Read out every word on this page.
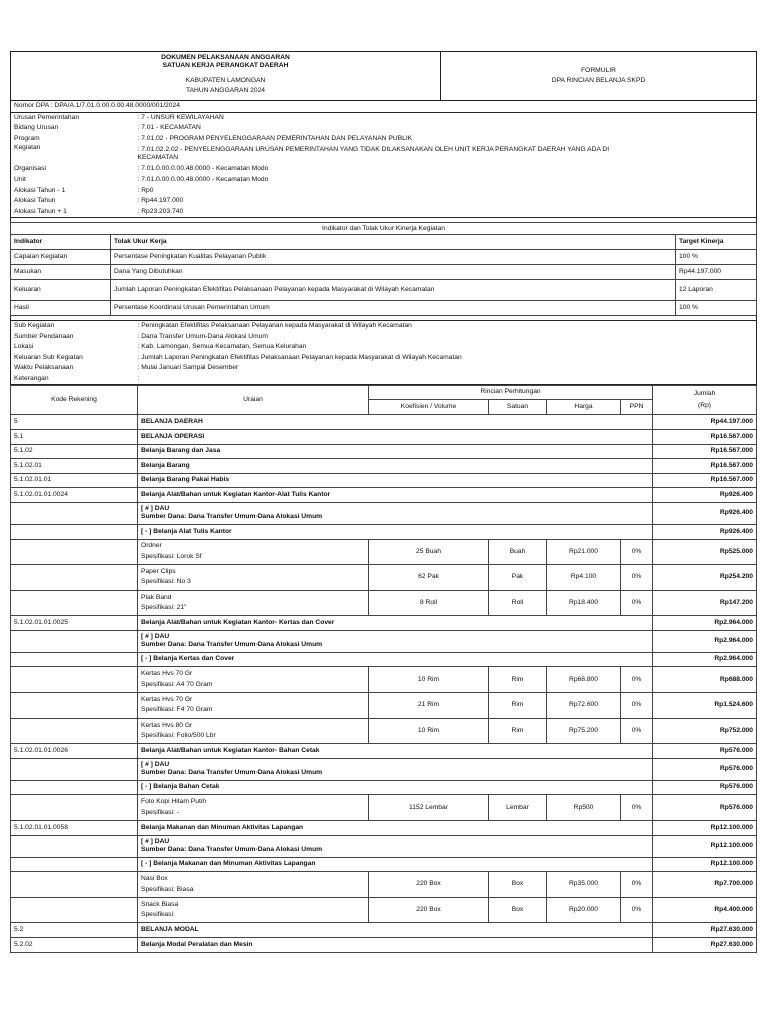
DOKUMEN PELAKSANAAN ANGGARAN
SATUAN KERJA PERANGKAT DAERAH
KABUPATEN LAMONGAN
TAHUN ANGGARAN 2024

FORMULIR
DPA RINCIAN BELANJA SKPD
Nomor DPA : DPA/A.1/7.01.0.00.0.00.48.0000/001/2024	
Urusan Pemerintahan	: 7 - UNSUR KEWILAYAHAN
Bidang Urusan	: 7.01 - KECAMATAN
Program	: 7.01.02 - PROGRAM PENYELENGGARAAN PEMERINTAHAN DAN PELAYANAN PUBLIK
Kegiatan	: 7.01.02.2.02 - PENYELENGGARAAN URUSAN PEMERINTAHAN YANG TIDAK DILAKSANAKAN OLEH UNIT KERJA PERANGKAT DAERAH YANG ADA DI KECAMATAN
Organisasi	: 7.01.0.00.0.00.48.0000 - Kecamatan Modo
Unit	: 7.01.0.00.0.00.48.0000 - Kecamatan Modo
Alokasi Tahun - 1	: Rp0
Alokasi Tahun	: Rp44.197.000
Alokasi Tahun + 1	: Rp23.203.740
Indikator dan Tolak Ukur Kinerja Kegiatan		
Indikator	Tolak Ukur Kerja	Target Kinerja
Capaian Kegiatan	Persentase Peningkatan Kualitas Pelayanan Publik	100 %
Masukan	Dana Yang Dibutuhkan	Rp44.197.000
Keluaran	Jumlah Laporan Peningkatan Efektifitas Pelaksanaan Pelayanan kepada Masyarakat di Wilayah Kecamatan	12 Laporan
Hasil	Persentase Koordinasi Urusan Pemerintahan Umum	100 %
Sub Kegiatan	: Peningkatan Efektifitas Pelaksanaan Pelayanan kepada Masyarakat di Wilayah Kecamatan
Sumber Pendanaan	: Dana Transfer Umum-Dana Alokasi Umum
Lokasi	: Kab. Lamongan, Semua Kecamatan, Semua Kelurahan
Keluaran Sub Kegiatan	: Jumlah Laporan Peningkatan Efektifitas Pelaksanaan Pelayanan kepada Masyarakat di Wilayah Kecamatan
Waktu Pelaksanaan	: Mulai Januari Sampai Desember
Keterangan	:
Kode Rekening	Uraian	Rincian Perhitungan				Jumlah
(Rp)

		Koefisien / Volume	Satuan	Harga	PPN	
5	BELANJA DAERAH					Rp44.197.000
5.1	BELANJA OPERASI					Rp16.567.000
5.1.02	Belanja Barang dan Jasa					Rp16.567.000
5.1.02.01	Belanja Barang					Rp16.567.000
5.1.02.01.01	Belanja Barang Pakai Habis					Rp16.567.000
5.1.02.01.01.0024	Belanja Alat/Bahan untuk Kegiatan Kantor-Alat Tulis Kantor					Rp926.400

	[ # ] DAU
Sumber Dana: Dana Transfer Umum-Dana Alokasi Umum					Rp926.400
	[ - ] Belanja Alat Tulis Kantor					Rp926.400

	Ordner
Spesifikasi: Lorok Sf	25 Buah	Buah	Rp21.000	0%	Rp525.000

	Paper Clips
Spesifikasi: No 3	62 Pak	Pak	Rp4.100	0%	Rp254.200

	Plak Band
Spesifikasi: 21"	8 Roll	Roll	Rp18.400	0%	Rp147.200
5.1.02.01.01.0025	Belanja Alat/Bahan untuk Kegiatan Kantor- Kertas dan Cover					Rp2.964.000

	[ # ] DAU
Sumber Dana: Dana Transfer Umum-Dana Alokasi Umum					Rp2.964.000
	[ - ] Belanja Kertas dan Cover					Rp2.964.000

	Kertas Hvs 70 Gr
Spesifikasi: A4 70 Gram	10 Rim	Rim	Rp68.800	0%	Rp688.000

	Kertas Hvs 70 Gr
Spesifikasi: F4 70 Gram	21 Rim	Rim	Rp72.600	0%	Rp1.524.600

	Kertas Hvs 80 Gr
Spesifikasi: Folio/500 Lbr	10 Rim	Rim	Rp75.200	0%	Rp752.000
5.1.02.01.01.0026	Belanja Alat/Bahan untuk Kegiatan Kantor- Bahan Cetak					Rp576.000

	[ # ] DAU
Sumber Dana: Dana Transfer Umum-Dana Alokasi Umum					Rp576.000
	[ - ] Belanja Bahan Cetak					Rp576.000

	Foto Kopi Hitam Putih
Spesifikasi: -	1152 Lembar	Lembar	Rp500	0%	Rp576.000
5.1.02.01.01.0058	Belanja Makanan dan Minuman Aktivitas Lapangan					Rp12.100.000

	[ # ] DAU
Sumber Dana: Dana Transfer Umum-Dana Alokasi Umum					Rp12.100.000
	[ - ] Belanja Makanan dan Minuman Aktivitas Lapangan					Rp12.100.000

	Nasi Box
Spesifikasi: Biasa	220 Box	Box	Rp35.000	0%	Rp7.700.000

	Snack Biasa
Spesifikasi:	220 Box	Box	Rp20.000	0%	Rp4.400.000
5.2	BELANJA MODAL					Rp27.630.000
5.2.02	Belanja Modal Peralatan dan Mesin					Rp27.630.000
